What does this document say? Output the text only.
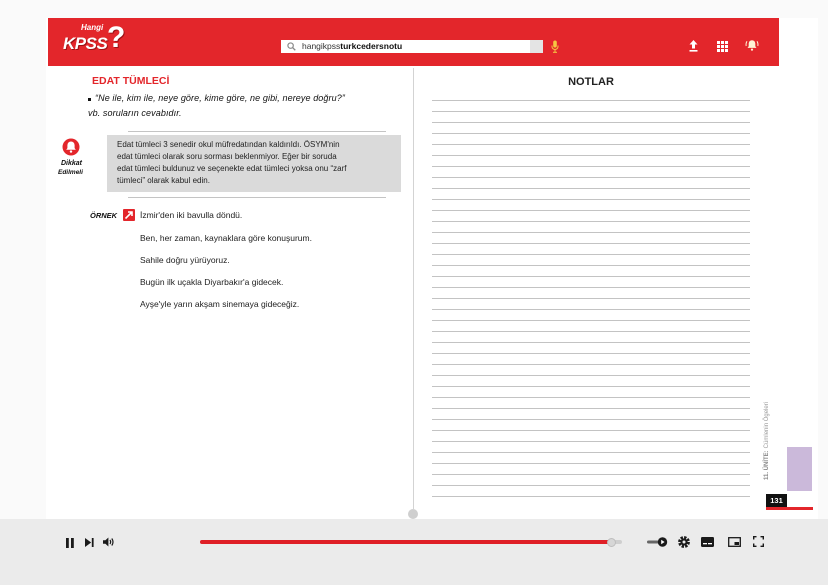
Hangi
KPSS ?	hangikpssturkcedersnotu
EDAT TÜMLECİ

“Ne ile, kim ile, neye göre, kime göre, ne gibi, nereye doğru?”

vb. soruların cevabıdır.

Dikkat
Edilmeli

Edat tümleci 3 senedir okul müfredatından kaldırıldı. ÖSYM'nin

edat tümleci olarak soru sorması beklenmiyor. Eğer bir soruda

edat tümleci buldunuz ve seçenekte edat tümleci yoksa onu “zarf

tümleci” olarak kabul edin.

ÖRNEK	İzmir'den iki bavulla döndü.

Ben, her zaman, kaynaklara göre konuşurum.

Sahile doğru yürüyoruz.

Bugün ilk uçakla Diyarbakır'a gidecek.

Ayşe'yle yarın akşam sinemaya gideceğiz.

NOTLAR
11. ÜNİTE:Cümlenin Ögeleri
131
